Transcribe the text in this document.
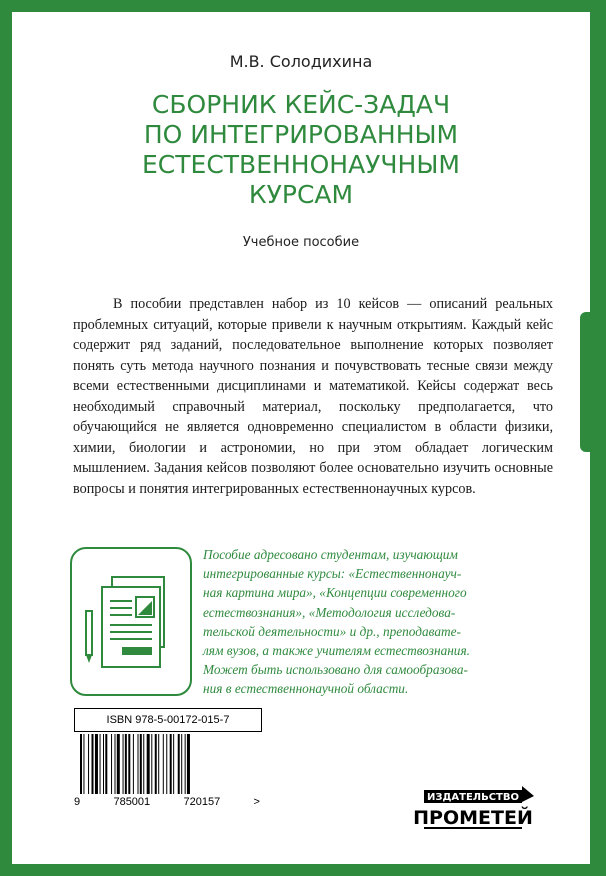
М.В. Солодихина
СБОРНИК КЕЙС-ЗАДАЧ
ПО ИНТЕГРИРОВАННЫМ
ЕСТЕСТВЕННОНАУЧНЫМ
КУРСАМ
Учебное пособие
В пособии представлен набор из 10 кейсов — описаний реальных проблемных ситуаций, которые привели к научным открытиям. Каждый кейс содержит ряд заданий, последовательное выполнение которых позволяет понять суть метода научного познания и почувствовать тесные связи между всеми естественными дисциплинами и математикой. Кейсы содержат весь необходимый справочный материал, поскольку предполагается, что обучающийся не является одновременно специалистом в области физики, химии, биологии и астрономии, но при этом обладает логическим мышлением. Задания кейсов позволяют более основательно изучить основные вопросы и понятия интегрированных естественнонаучных курсов.
Пособие адресовано студентам, изучающим
интегрированные курсы: «Естественнонауч-
ная картина мира», «Концепции современного
естествознания», «Методология исследова-
тельской деятельности» и др., преподавате-
лям вузов, а также учителям естествознания.
Может быть использовано для самообразова-
ния в естественнонаучной области.
ISBN 978-5-00172-015-7
9	785001	720157	>	ИЗДАТЕЛЬСТВО
ПРОМЕТЕЙ
